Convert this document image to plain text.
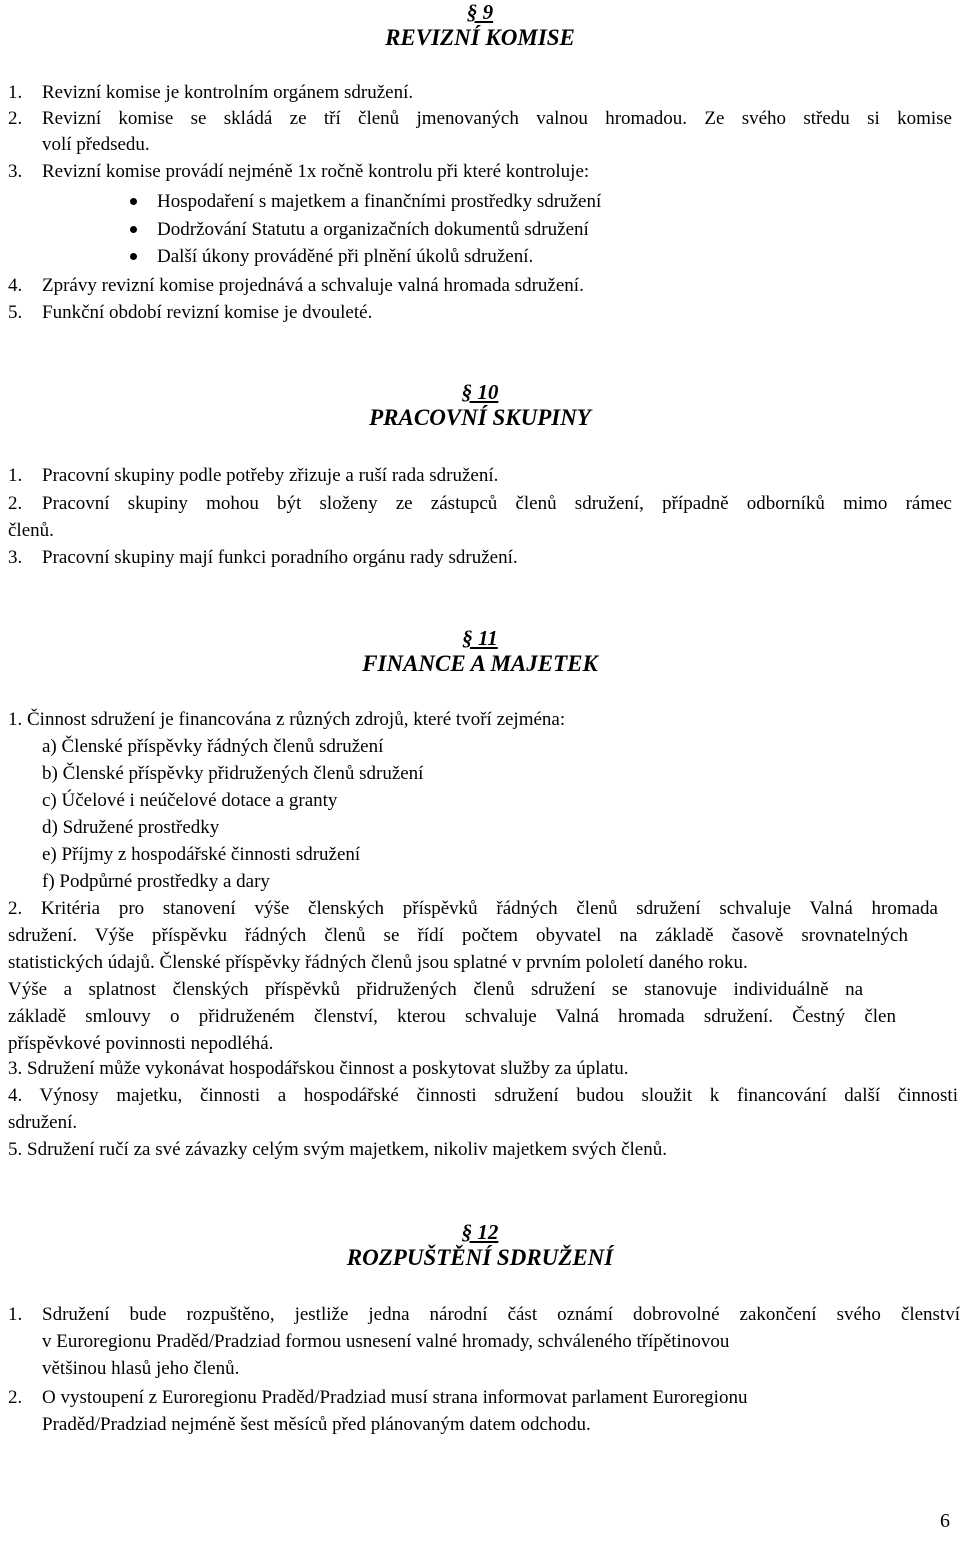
§ 9
REVIZNÍ KOMISE
1. Revizní komise je kontrolním orgánem sdružení.
2. Revizní komise se skládá ze tří členů jmenovaných valnou hromadou. Ze svého středu si komise
volí předsedu.
3. Revizní komise provádí nejméně 1x ročně kontrolu při které kontroluje:
Hospodaření s majetkem a finančními prostředky sdružení
Dodržování Statutu a organizačních dokumentů sdružení
Další úkony prováděné při plnění úkolů sdružení.
4. Zprávy revizní komise projednává a schvaluje valná hromada sdružení.
5. Funkční období revizní komise je dvouleté.
§ 10
PRACOVNÍ SKUPINY
1. Pracovní skupiny podle potřeby zřizuje a ruší rada sdružení.
2. Pracovní skupiny mohou být složeny ze zástupců členů sdružení, případně odborníků mimo rámec
členů.
3. Pracovní skupiny mají funkci poradního orgánu rady sdružení.
§ 11
FINANCE A MAJETEK
1. Činnost sdružení je financována z různých zdrojů, které tvoří zejména:
a) Členské příspěvky řádných členů sdružení
b) Členské příspěvky přidružených členů sdružení
c) Účelové i neúčelové dotace a granty
d) Sdružené prostředky
e) Příjmy z hospodářské činnosti sdružení
f) Podpůrné prostředky a dary
2. Kritéria pro stanovení výše členských příspěvků řádných členů sdružení schvaluje Valná hromada
sdružení. Výše příspěvku řádných členů se řídí počtem obyvatel na základě časově srovnatelných
statistických údajů. Členské příspěvky řádných členů jsou splatné v prvním pololetí daného roku.
Výše a splatnost členských příspěvků přidružených členů sdružení se stanovuje individuálně na
základě smlouvy o přidruženém členství, kterou schvaluje Valná hromada sdružení. Čestný člen
příspěvkové povinnosti nepodléhá.
3. Sdružení může vykonávat hospodářskou činnost a poskytovat služby za úplatu.
4. Výnosy majetku, činnosti a hospodářské činnosti sdružení budou sloužit k financování další činnosti
sdružení.
5. Sdružení ručí za své závazky celým svým majetkem, nikoliv majetkem svých členů.
§ 12
ROZPUŠTĚNÍ SDRUŽENÍ
1. Sdružení bude rozpuštěno, jestliže jedna národní část oznámí dobrovolné zakončení svého členství
v Euroregionu Praděd/Pradziad formou usnesení valné hromady, schváleného třípětinovou
většinou hlasů jeho členů.
2. O vystoupení z Euroregionu Praděd/Pradziad musí strana informovat parlament Euroregionu
Praděd/Pradziad nejméně šest měsíců před plánovaným datem odchodu.
6
